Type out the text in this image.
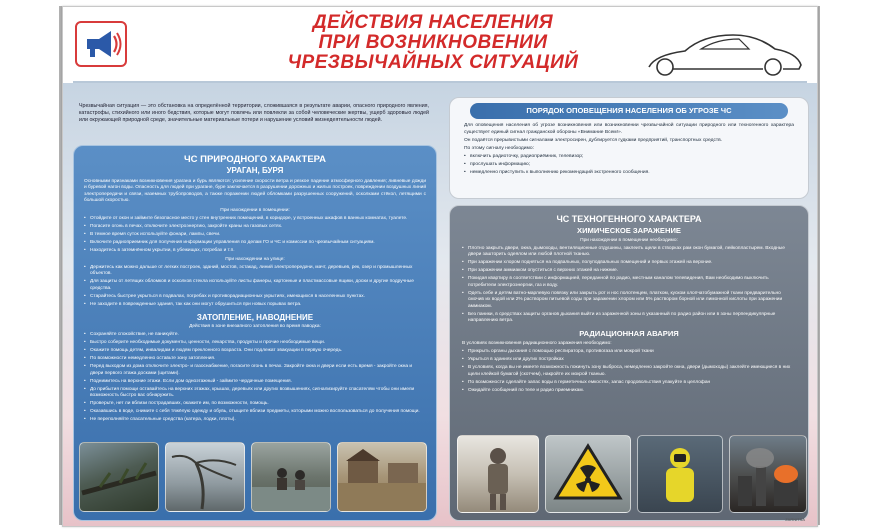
ДЕЙСТВИЯ НАСЕЛЕНИЯ
ПРИ ВОЗНИКНОВЕНИИ
ЧРЕЗВЫЧАЙНЫХ СИТУАЦИЙ
Чрезвычайная ситуация — это обстановка на определённой территории, сложившаяся в результате аварии, опасного природного явления, катастрофы, стихийного или иного бедствия, которые могут повлечь или повлекли за собой человеческие жертвы, ущерб здоровью людей или окружающей природной среде, значительные материальные потери и нарушение условий жизнедеятельности людей.
ЧС ПРИРОДНОГО ХАРАКТЕРА
УРАГАН, БУРЯ

Основными признаками возникновения урагана и бурь являются: усиление скорости ветра и резкое падение атмосферного давления; ливневые дожди и буревой нагон воды. Опасность для людей при урагане, буре заключается в разрушении дорожных и жилых построек, повреждении воздушных линий электропередачи и связи, наземных трубопроводов, а также поражении людей обломками разрушенных сооружений, осколками стёкол, летящими с большой скоростью.

При нахождении в помещении:

• Отойдите от окон и займите безопасное место у стен внутренних помещений, в коридоре, у встроенных шкафов в ванных комнатах, туалете.

• Погасите огонь в печах, отключите электроэнергию, закройте краны на газовых сетях.

• В темное время суток используйте фонари, лампы, свечи.

• Включите радиоприемник для получения информации управления по делам ГО и ЧС и комиссии по чрезвычайным ситуациям.

• Находитесь в затемнённом укрытии, в убежищах, погребах и т.п.

При нахождении на улице:

• Держитесь как можно дальше от легких построек, зданий, мостов, эстакад, линий электропередачи, мачт, деревьев, рек, озер и промышленных объектов.

• Для защиты от летящих обломков и осколков стекла используйте листы фанеры, картонные и пластмассовые ящики, доски и другие подручные средства.

• Старайтесь быстрее укрыться в подвалах, погребах и противорадиационных укрытиях, имеющихся в населенных пунктах.

• Не заходите в поврежденные здания, так как они могут обрушиться при новых порывах ветра.

ЗАТОПЛЕНИЕ, НАВОДНЕНИЕ

Действия в зоне внезапного затопления во время паводка:

• Сохраняйте спокойствие, не паникуйте.

• Быстро соберите необходимые документы, ценности, лекарства, продукты и прочие необходимые вещи.

• Окажите помощь детям, инвалидам и людям преклонного возраста. Они подлежат эвакуации в первую очередь.

• По возможности немедленно оставьте зону затопления.

• Перед выходом из дома отключите электро- и газоснабжение, погасите огонь в печах. Закройте окна и двери если есть время - закройте окна и двери первого этажа досками (щитами).

• Поднимитесь на верхние этажи. Если дом одноэтажный - займите чердачные помещения.

• До прибытия помощи оставайтесь на верхних этажах, крышах, деревьях или других возвышениях, сигнализируйте спасателям чтобы они имели возможность быстро вас обнаружить.

• Проверьте, нет ли вблизи пострадавших, окажите им, по возможности, помощь.

• Оказавшись в воде, снимите с себя тяжёлую одежду и обувь, отыщите вблизи предметы, которыми можно воспользоваться до получения помощи.

• Не переполняйте спасательные средства (катера, лодки, плоты).

ПОРЯДОК ОПОВЕЩЕНИЯ НАСЕЛЕНИЯ ОБ УГРОЗЕ ЧС

Для оповещения населения об угрозе возникновения или возникновении чрезвычайной ситуации природного или техногенного характера существует единый сигнал гражданской обороны «Внимание Всем!».

Он подаётся прерывистыми сигналами электросирен, дублируется гудками предприятий, транспортных средств.

По этому сигналу необходимо:

• включить радиоточку, радиоприёмник, телевизор;

• прослушать информацию;

• немедленно приступить к выполнению рекомендаций экстренного сообщения.

ЧС ТЕХНОГЕННОГО ХАРАКТЕРА
ХИМИЧЕСКОЕ ЗАРАЖЕНИЕ

При нахождении в помещении необходимо:

• Плотно закрыть двери, окна, дымоходы, вентиляционные отдушины, заклеить щели в створках рам окон бумагой, лейкопластырем. Входные двери зашторить одеялом или любой плотной тканью.

• При заражении хлором подняться на подвальных, полуподвальных помещений и первых этажей на верхние.

• При заражении аммиаком опуститься с верхних этажей на нижние.

• Покидая квартиру в соответствии с информацией, переданной по радио, местным каналом телевидения, Вам необходимо выключить потребители электроэнергии, газ и воду.

• Одеть себе и детям ватно-марлевую повязку или закрыть рот и нос полотенцем, платком, куском хлопчатобумажной ткани предварительно смочив их водой или 2% раствором питьевой соды при заражении хлором или 5% раствором борной или лимонной кислоты при заражении аммиаком.

• Без паники, в средствах защиты органов дыхания выйти из зараженной зоны в указанный по радио район или в зоны перпендикулярные направлению ветра.

РАДИАЦИОННАЯ АВАРИЯ

В условиях возникновения радиационного заражения необходимо:

• Прикрыть органы дыхания с помощью респиратора, противогаза или мокрой ткани

• Укрыться в зданиях или других постройках

• В условиях, когда вы не имеете возможность покинуть зону выброса, немедленно закройте окна, двери (дымоходы) заклейте имеющиеся в них щели клейкой бумагой (скотчем), накройте их мокрой тканью.

• По возможности сделайте запас воды в герметичных емкостях, запас продовольствия упакуйте в целлофан

• Ожидайте сообщений по теле и радио приемникам.

ZARNITSA
